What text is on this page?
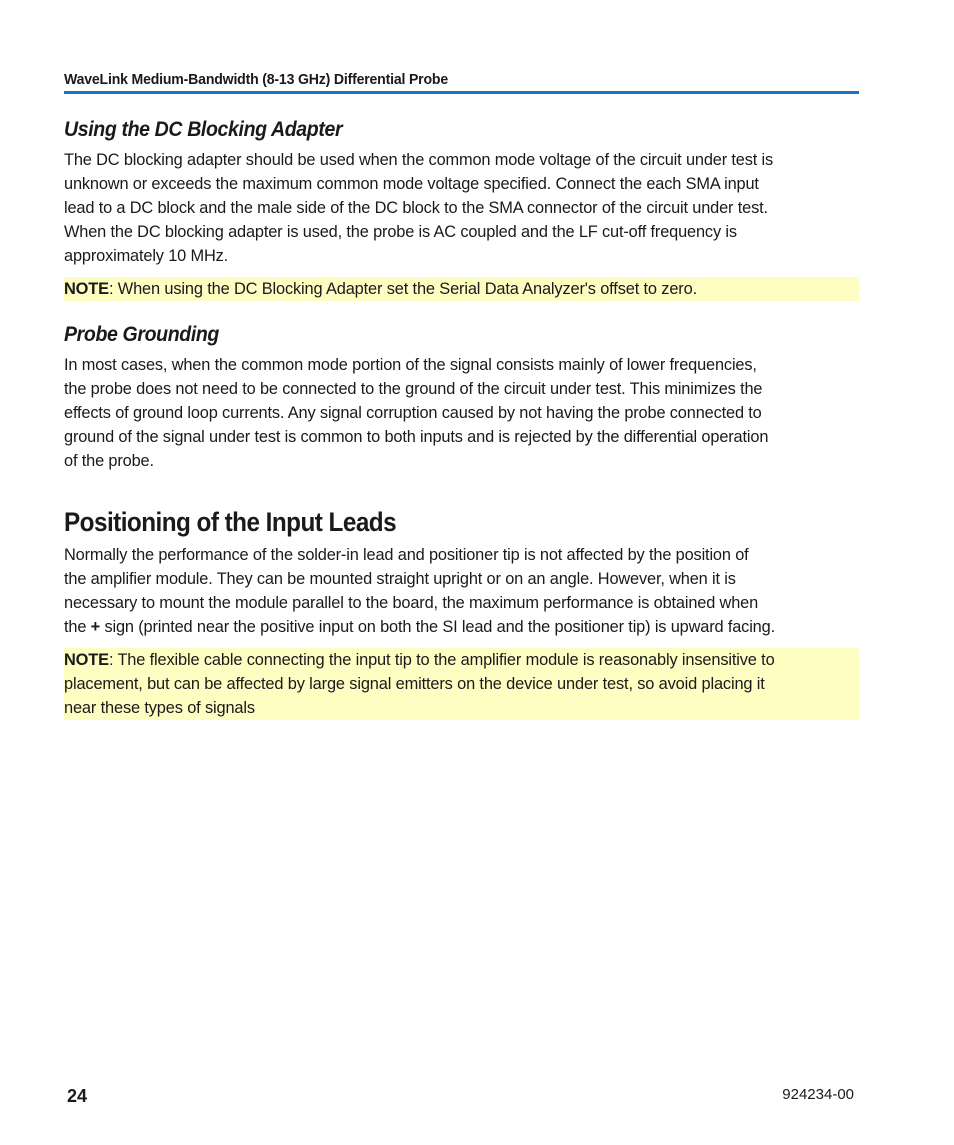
WaveLink Medium-Bandwidth (8-13 GHz) Differential Probe
Using the DC Blocking Adapter

The DC blocking adapter should be used when the common mode voltage of the circuit under test is
unknown or exceeds the maximum common mode voltage specified. Connect the each SMA input
lead to a DC block and the male side of the DC block to the SMA connector of the circuit under test.
When the DC blocking adapter is used, the probe is AC coupled and the LF cut-off frequency is
approximately 10 MHz.

NOTE: When using the DC Blocking Adapter set the Serial Data Analyzer's offset to zero.
Probe Grounding

In most cases, when the common mode portion of the signal consists mainly of lower frequencies,
the probe does not need to be connected to the ground of the circuit under test. This minimizes the
effects of ground loop currents. Any signal corruption caused by not having the probe connected to
ground of the signal under test is common to both inputs and is rejected by the differential operation
of the probe.

Positioning of the Input Leads

Normally the performance of the solder-in lead and positioner tip is not affected by the position of
the amplifier module. They can be mounted straight upright or on an angle. However, when it is
necessary to mount the module parallel to the board, the maximum performance is obtained when
the + sign (printed near the positive input on both the SI lead and the positioner tip) is upward facing.

NOTE: The flexible cable connecting the input tip to the amplifier module is reasonably insensitive to
placement, but can be affected by large signal emitters on the device under test, so avoid placing it
near these types of signals
24	924234-00
